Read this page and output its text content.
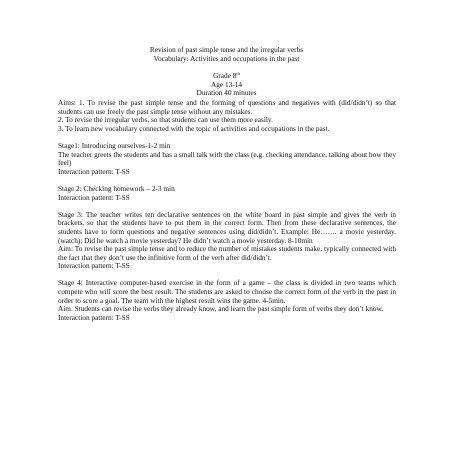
Revision of past simple tense and the irregular verbs
Vocabulary: Activities and occupations in the past
Grade 8th
Age 13-14
Duration 40 minutes
Aims: 1. To revise the past simple tense and the forming of questions and negatives with (did/didn’t) so that students can use freely the past simple tense without any mistakes.
2. To revise the irregular verbs, so that students can use them more easily.
3. To learn new vocabulary connected with the topic of activities and occupations in the past.
Stage1: Introducing ourselves-1-2 min
The teacher greets the students and has a small talk with the class (e.g. checking attendance, talking about how they feel)
Interaction pattern: T-SS
Stage 2: Checking homework – 2-3 min
Interaction pattern: T-SS
Stage 3: The teacher writes ten declarative sentences on the white board in past simple and gives the verb in brackets, so that the students have to put them in the correct form. Then from these declarative sentences, the students have to form questions and negative sentences using did/didn’t. Example: He……. a movie yesterday. (watch); Did he watch a movie yesterday? He didn’t watch a movie yesterday. 8-10min
Aim: To revise the past simple tense and to reduce the number of mistakes students make, typically connected with the fact that they don’t use the infinitive form of the verb after did/didn’t.
Interaction pattern: T-SS
Stage 4: Interactive computer-based exercise in the form of a game – the class is divided in two teams which compete who will score the best result. The students are asked to choose the correct form of the verb in the past in order to score a goal. The team with the highest result wins the game. 4-5min.
Aim. Students can revise the verbs they already know, and learn the past simple form of verbs they don’t know.
Interaction pattern: T-SS
